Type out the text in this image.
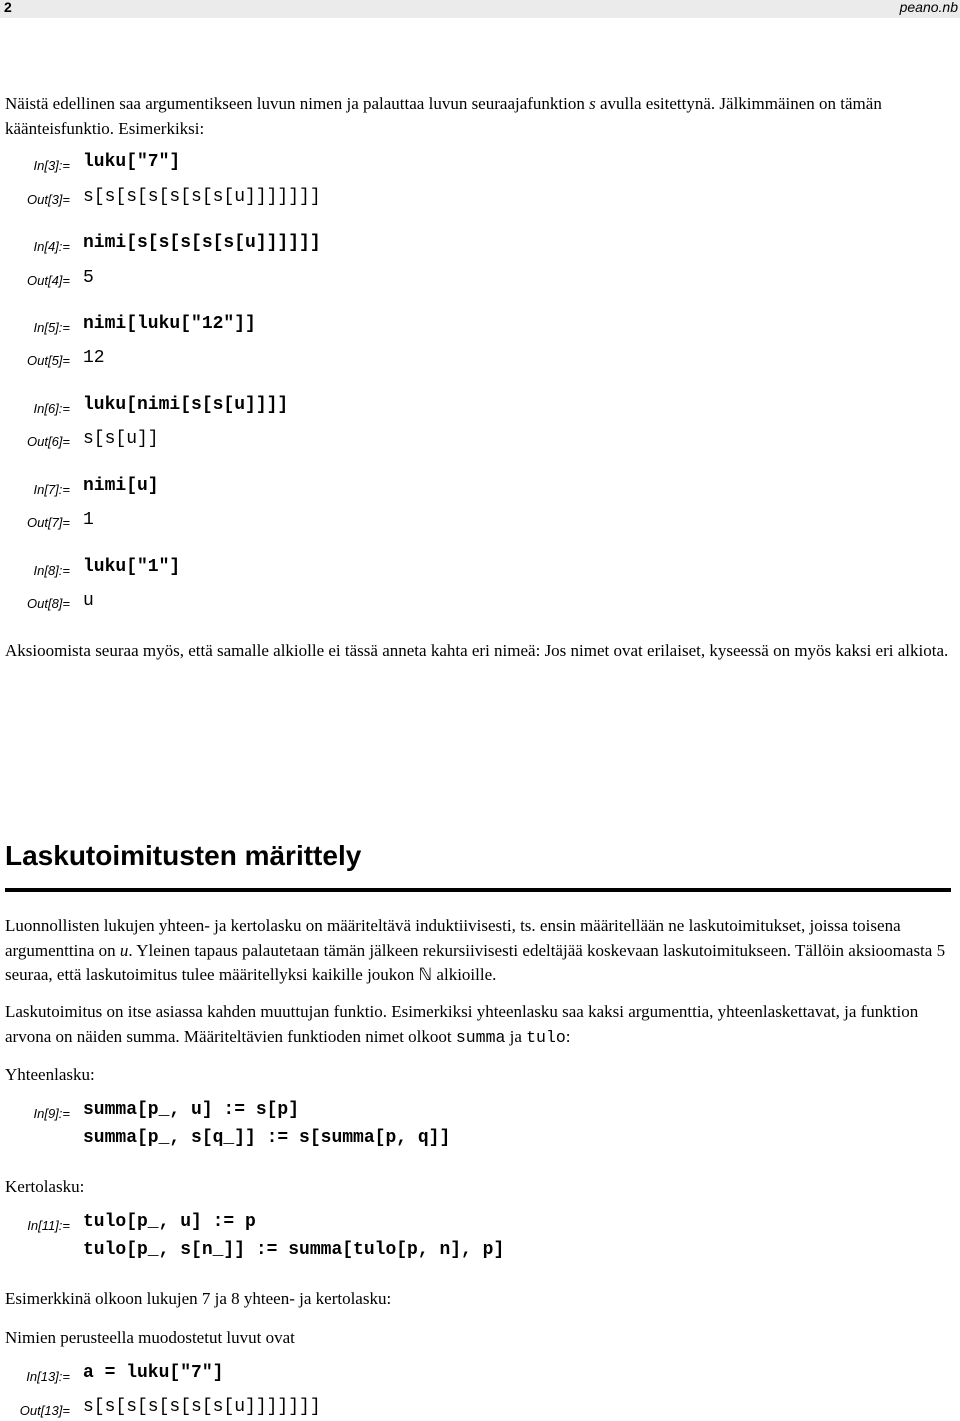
2	peano.nb

Näistä edellinen saa argumentikseen luvun nimen ja palauttaa luvun seuraajafunktion s avulla esitettynä. Jälkimmäinen on tämän käänteisfunktio. Esimerkiksi:

In[3]:= luku["7"]
Out[3]= s[s[s[s[s[s[s[u]]]]]]]
In[4]:= nimi[s[s[s[s[s[u]]]]]]
Out[4]= 5
In[5]:= nimi[luku["12"]]
Out[5]= 12
In[6]:= luku[nimi[s[s[u]]]]
Out[6]= s[s[u]]
In[7]:= nimi[u]
Out[7]= 1
In[8]:= luku["1"]
Out[8]= u

Aksioomista seuraa myös, että samalle alkiolle ei tässä anneta kahta eri nimeä: Jos nimet ovat erilaiset, kyseessä on myös kaksi eri alkiota.

Laskutoimitusten märittely

Luonnollisten lukujen yhteen- ja kertolasku on määriteltävä induktiivisesti, ts. ensin määritellään ne laskutoimitukset, joissa toisena argumenttina on u. Yleinen tapaus palautetaan tämän jälkeen rekursiivisesti edeltäjää koskevaan laskutoimitukseen. Tällöin aksioomasta 5 seuraa, että laskutoimitus tulee määritellyksi kaikille joukon ℕ alkioille.

Laskutoimitus on itse asiassa kahden muuttujan funktio. Esimerkiksi yhteenlasku saa kaksi argumenttia, yhteenlaskettavat, ja funktion arvona on näiden summa. Määriteltävien funktioden nimet olkoot summa ja tulo:

Yhteenlasku:

In[9]:= summa[p_, u] := s[p]
summa[p_, s[q_]] := s[summa[p, q]]

Kertolasku:

In[11]:= tulo[p_, u] := p
tulo[p_, s[n_]] := summa[tulo[p, n], p]

Esimerkkinä olkoon lukujen 7 ja 8 yhteen- ja kertolasku:

Nimien perusteella muodostetut luvut ovat

In[13]:= a = luku["7"]
Out[13]= s[s[s[s[s[s[s[u]]]]]]]
